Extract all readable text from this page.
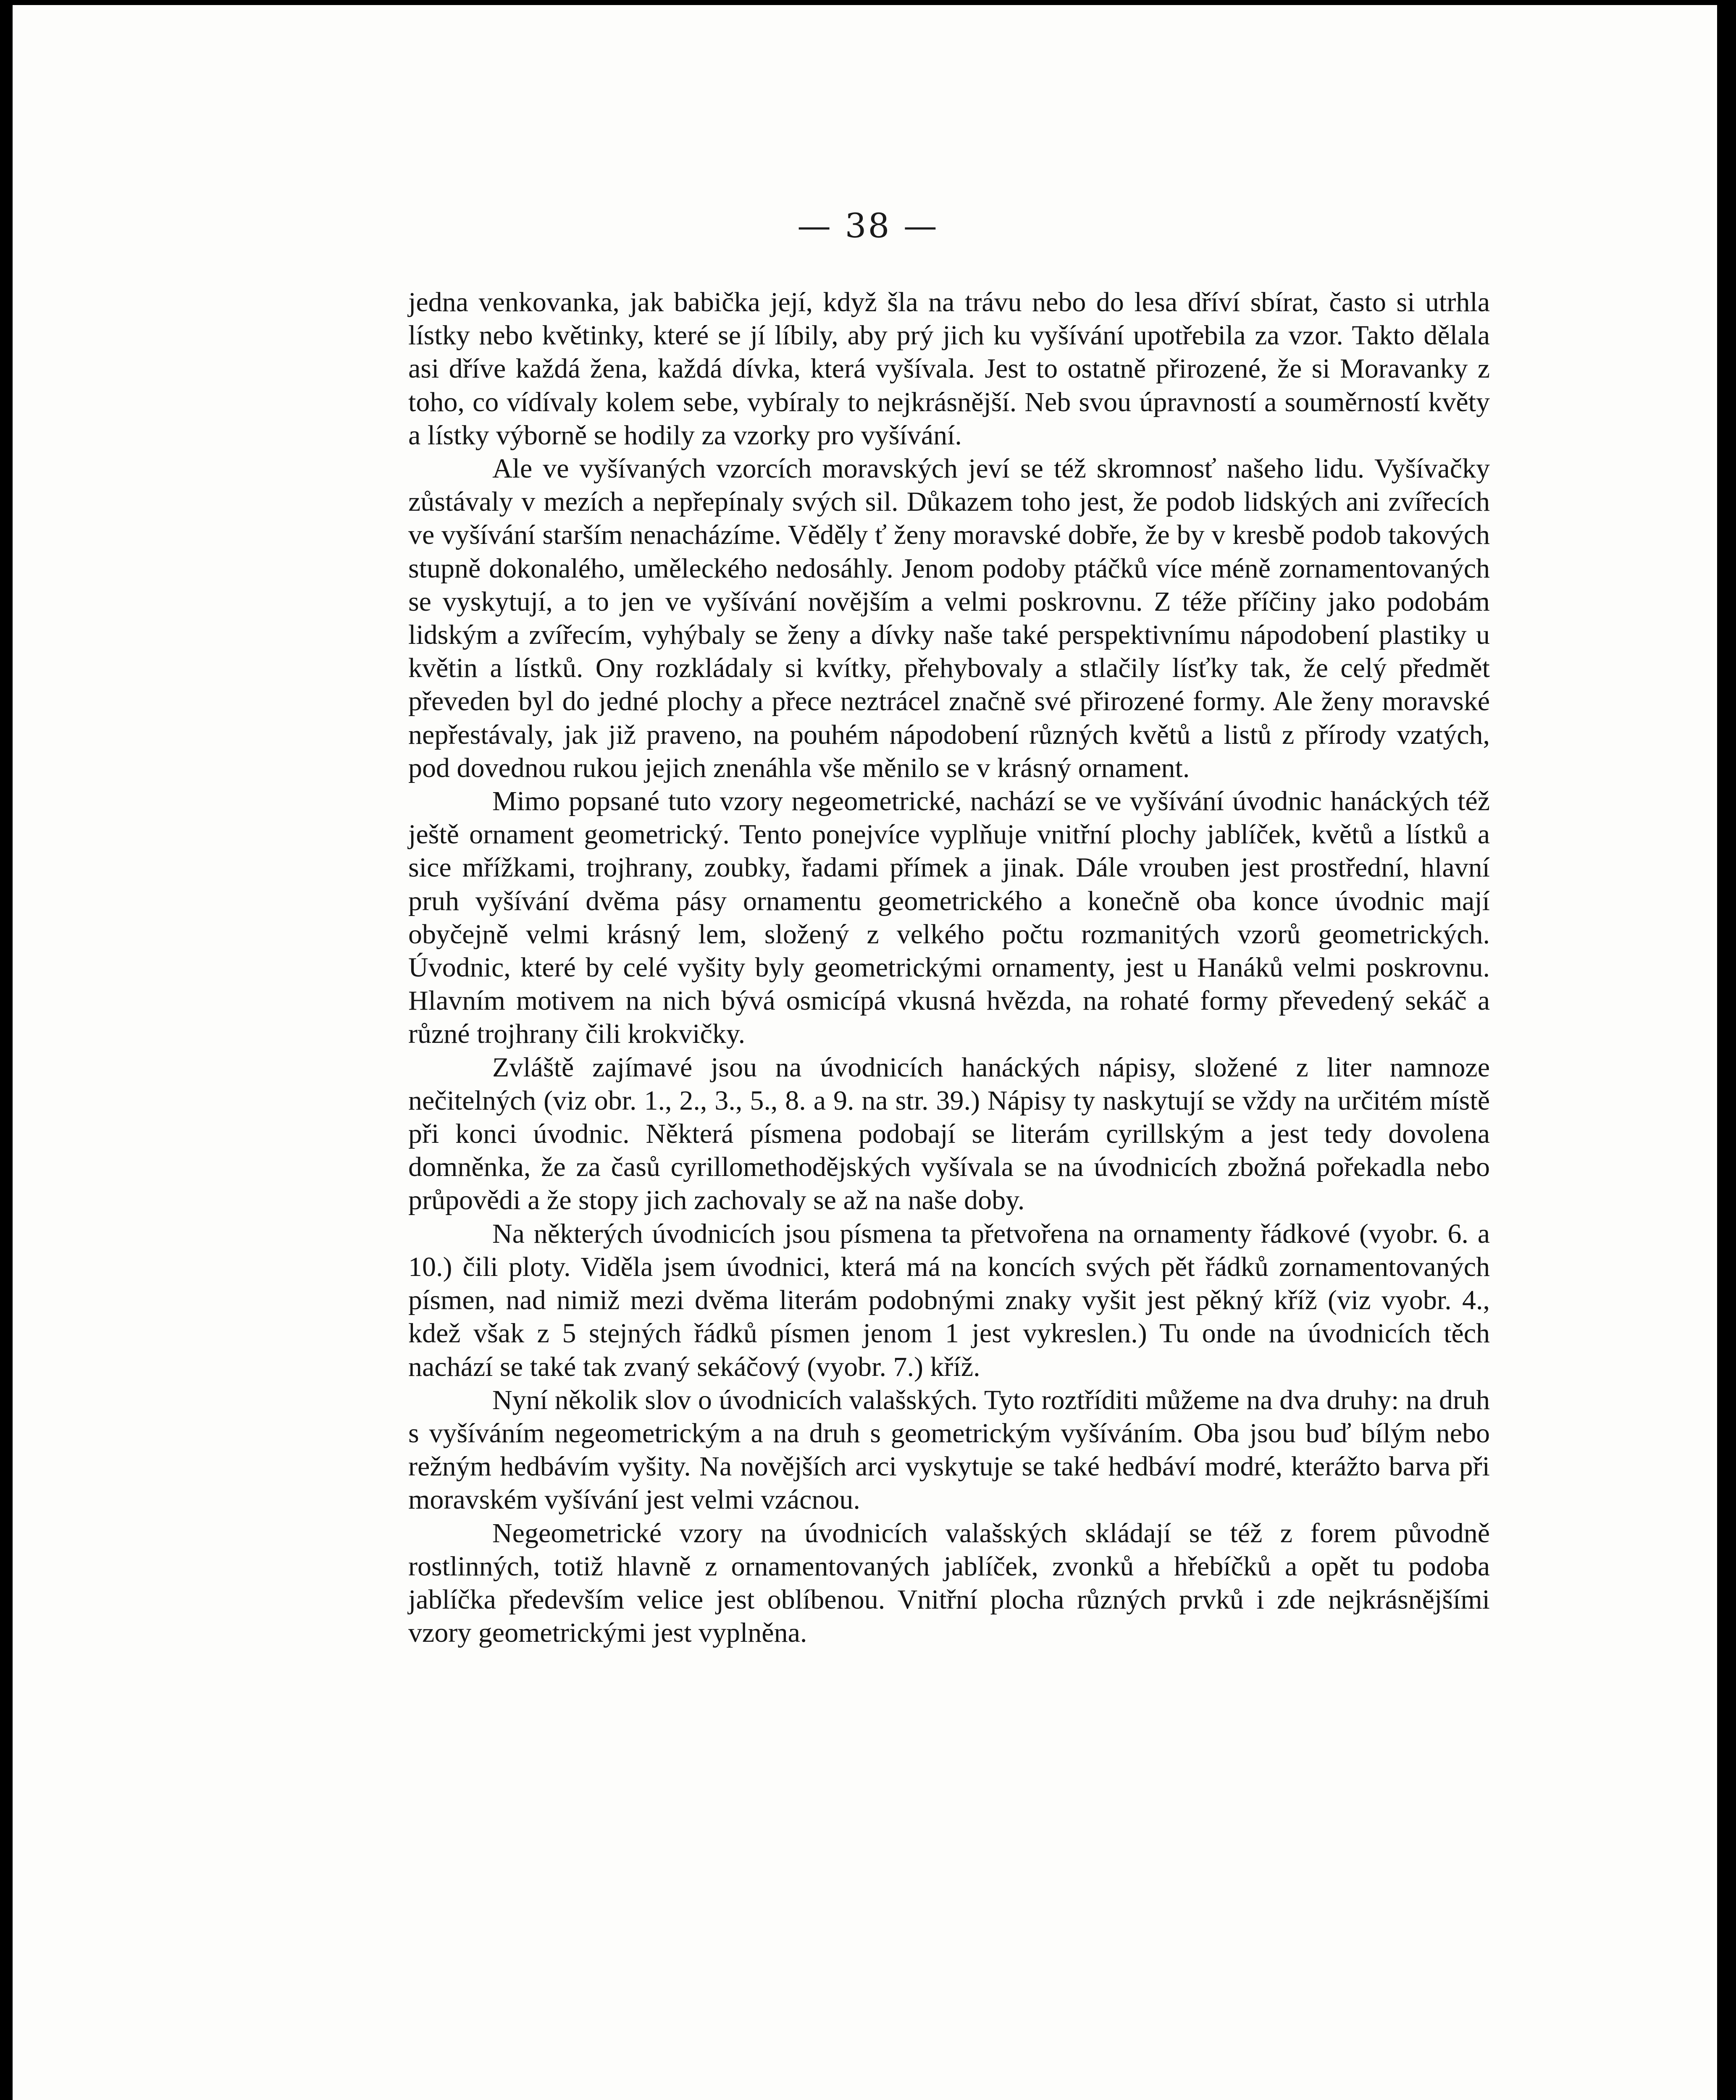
— 38 —

jedna venkovanka, jak babička její, když šla na trávu nebo do lesa dříví sbírat, často si utrhla lístky nebo květinky, které se jí líbily, aby prý jich ku vyšívání upotřebila za vzor. Takto dělala asi dříve každá žena, každá dívka, která vyšívala. Jest to ostatně přirozené, že si Moravanky z toho, co vídívaly kolem sebe, vybíraly to nejkrásnější. Neb svou úpravností a souměrností květy a lístky výborně se hodily za vzorky pro vyšívání.

Ale ve vyšívaných vzorcích moravských jeví se též skromnosť našeho lidu. Vyšívačky zůstávaly v mezích a nepřepínaly svých sil. Důkazem toho jest, že podob lidských ani zvířecích ve vyšívání starším nenacházíme. Věděly ť ženy moravské dobře, že by v kresbě podob takových stupně dokonalého, uměleckého nedosáhly. Jenom podoby ptáčků více méně zornamentovaných se vyskytují, a to jen ve vyšívání novějším a velmi poskrovnu. Z téže příčiny jako podobám lidským a zvířecím, vyhýbaly se ženy a dívky naše také perspektivnímu nápodobení plastiky u květin a lístků. Ony rozkládaly si kvítky, přehybovaly a stlačily lísťky tak, že celý předmět převeden byl do jedné plochy a přece neztrácel značně své přirozené formy. Ale ženy moravské nepřestávaly, jak již praveno, na pouhém nápodobení různých květů a listů z přírody vzatých, pod dovednou rukou jejich znenáhla vše měnilo se v krásný ornament.

Mimo popsané tuto vzory negeometrické, nachází se ve vyšívání úvodnic hanáckých též ještě ornament geometrický. Tento ponejvíce vyplňuje vnitřní plochy jablíček, květů a lístků a sice mřížkami, trojhrany, zoubky, řadami přímek a jinak. Dále vrouben jest prostřední, hlavní pruh vyšívání dvěma pásy ornamentu geometrického a konečně oba konce úvodnic mají obyčejně velmi krásný lem, složený z velkého počtu rozmanitých vzorů geometrických. Úvodnic, které by celé vyšity byly geometrickými ornamenty, jest u Hanáků velmi poskrovnu. Hlavním motivem na nich bývá osmicípá vkusná hvězda, na rohaté formy převedený sekáč a různé trojhrany čili krokvičky.

Zvláště zajímavé jsou na úvodnicích hanáckých nápisy, složené z liter namnoze nečitelných (viz obr. 1., 2., 3., 5., 8. a 9. na str. 39.) Nápisy ty naskytují se vždy na určitém místě při konci úvodnic. Některá písmena podobají se literám cyrillským a jest tedy dovolena domněnka, že za časů cyrillomethodějských vyšívala se na úvodnicích zbožná pořekadla nebo průpovědi a že stopy jich zachovaly se až na naše doby.

Na některých úvodnicích jsou písmena ta přetvořena na ornamenty řádkové (vyobr. 6. a 10.) čili ploty. Viděla jsem úvodnici, která má na koncích svých pět řádků zornamentovaných písmen, nad nimiž mezi dvěma literám podobnými znaky vyšit jest pěkný kříž (viz vyobr. 4., kdež však z 5 stejných řádků písmen jenom 1 jest vykreslen.) Tu onde na úvodnicích těch nachází se také tak zvaný sekáčový (vyobr. 7.) kříž.

Nyní několik slov o úvodnicích valašských. Tyto roztříditi můžeme na dva druhy: na druh s vyšíváním negeometrickým a na druh s geometrickým vyšíváním. Oba jsou buď bílým nebo režným hedbávím vyšity. Na novějších arci vyskytuje se také hedbáví modré, kterážto barva při moravském vyšívání jest velmi vzácnou.

Negeometrické vzory na úvodnicích valašských skládají se též z forem původně rostlinných, totiž hlavně z ornamentovaných jablíček, zvonků a hřebíčků a opět tu podoba jablíčka především velice jest oblíbenou. Vnitřní plocha různých prvků i zde nejkrásnějšími vzory geometrickými jest vyplněna.
